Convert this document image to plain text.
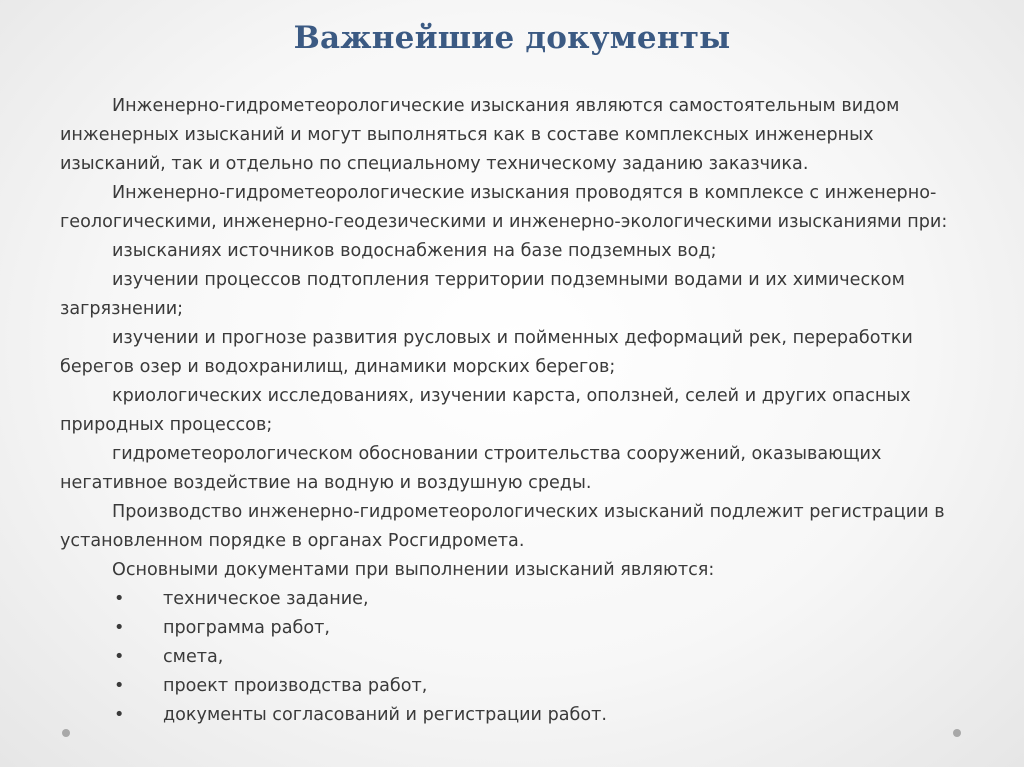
Важнейшие документы

Инженерно-гидрометеорологические изыскания являются самостоятельным видом инженерных изысканий и могут выполняться как в составе комплексных инженерных изысканий, так и отдельно по специальному техническому заданию заказчика.

Инженерно-гидрометеорологические изыскания проводятся в комплексе с инженерно-геологическими, инженерно-геодезическими и инженерно-экологическими изысканиями при:

изысканиях источников водоснабжения на базе подземных вод;

изучении процессов подтопления территории подземными водами и их химическом загрязнении;

изучении и прогнозе развития русловых и пойменных деформаций рек, переработки берегов озер и водохранилищ, динамики морских берегов;

криологических исследованиях, изучении карста, оползней, селей и других опасных природных процессов;

гидрометеорологическом обосновании строительства сооружений, оказывающих негативное воздействие на водную и воздушную среды.

Производство инженерно-гидрометеорологических изысканий подлежит регистрации в установленном порядке в органах Росгидромета.

Основными документами при выполнении изысканий являются:

• техническое задание,
• программа работ,
• смета,
• проект производства работ,
• документы согласований и регистрации работ.
